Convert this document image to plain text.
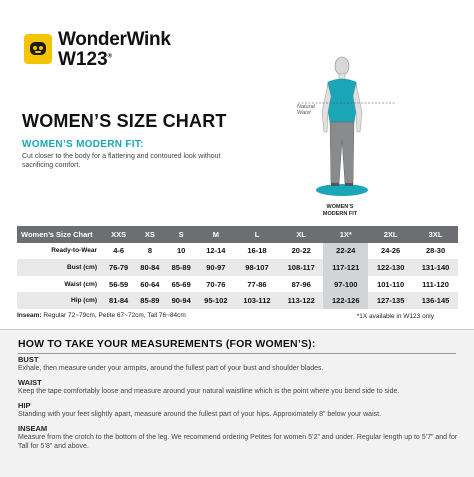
WonderWink
W123®
WOMEN’S SIZE CHART
WOMEN’S MODERN FIT:
Cut closer to the body for a flattering and contoured look without sacrificing comfort.
Natural Waist
WOMEN’S
MODERN FIT
Women’s Size Chart	XXS	XS	S	M	L	XL	1X*	2XL	3XL
Ready-to-Wear	4-6	8	10	12-14	16-18	20-22	22-24	24-26	28-30
Bust (cm)	76-79	80-84	85-89	90-97	98-107	108-117	117-121	122-130	131-140
Waist (cm)	56-59	60-64	65-69	70-76	77-86	87-96	97-100	101-110	111-120
Hip (cm)	81-84	85-89	90-94	95-102	103-112	113-122	122-126	127-135	136-145
Inseam: Regular 72~79cm, Petite 67~72cm, Tall 76~84cm	*1X available in W123 only
HOW TO TAKE YOUR MEASUREMENTS (FOR WOMEN’S):
BUST
Exhale, then measure under your armpits, around the fullest part of your bust and shoulder blades.
WAIST
Keep the tape comfortably loose and measure around your natural waistline which is the point where you bend side to side.
HIP
Standing with your feet slightly apart, measure around the fullest part of your hips. Approximately 8” below your waist.
INSEAM
Measure from the crotch to the bottom of the leg. We recommend ordering Petites for women 5’2” and under. Regular length up to 5’7” and for Tall for 5’8” and above.
